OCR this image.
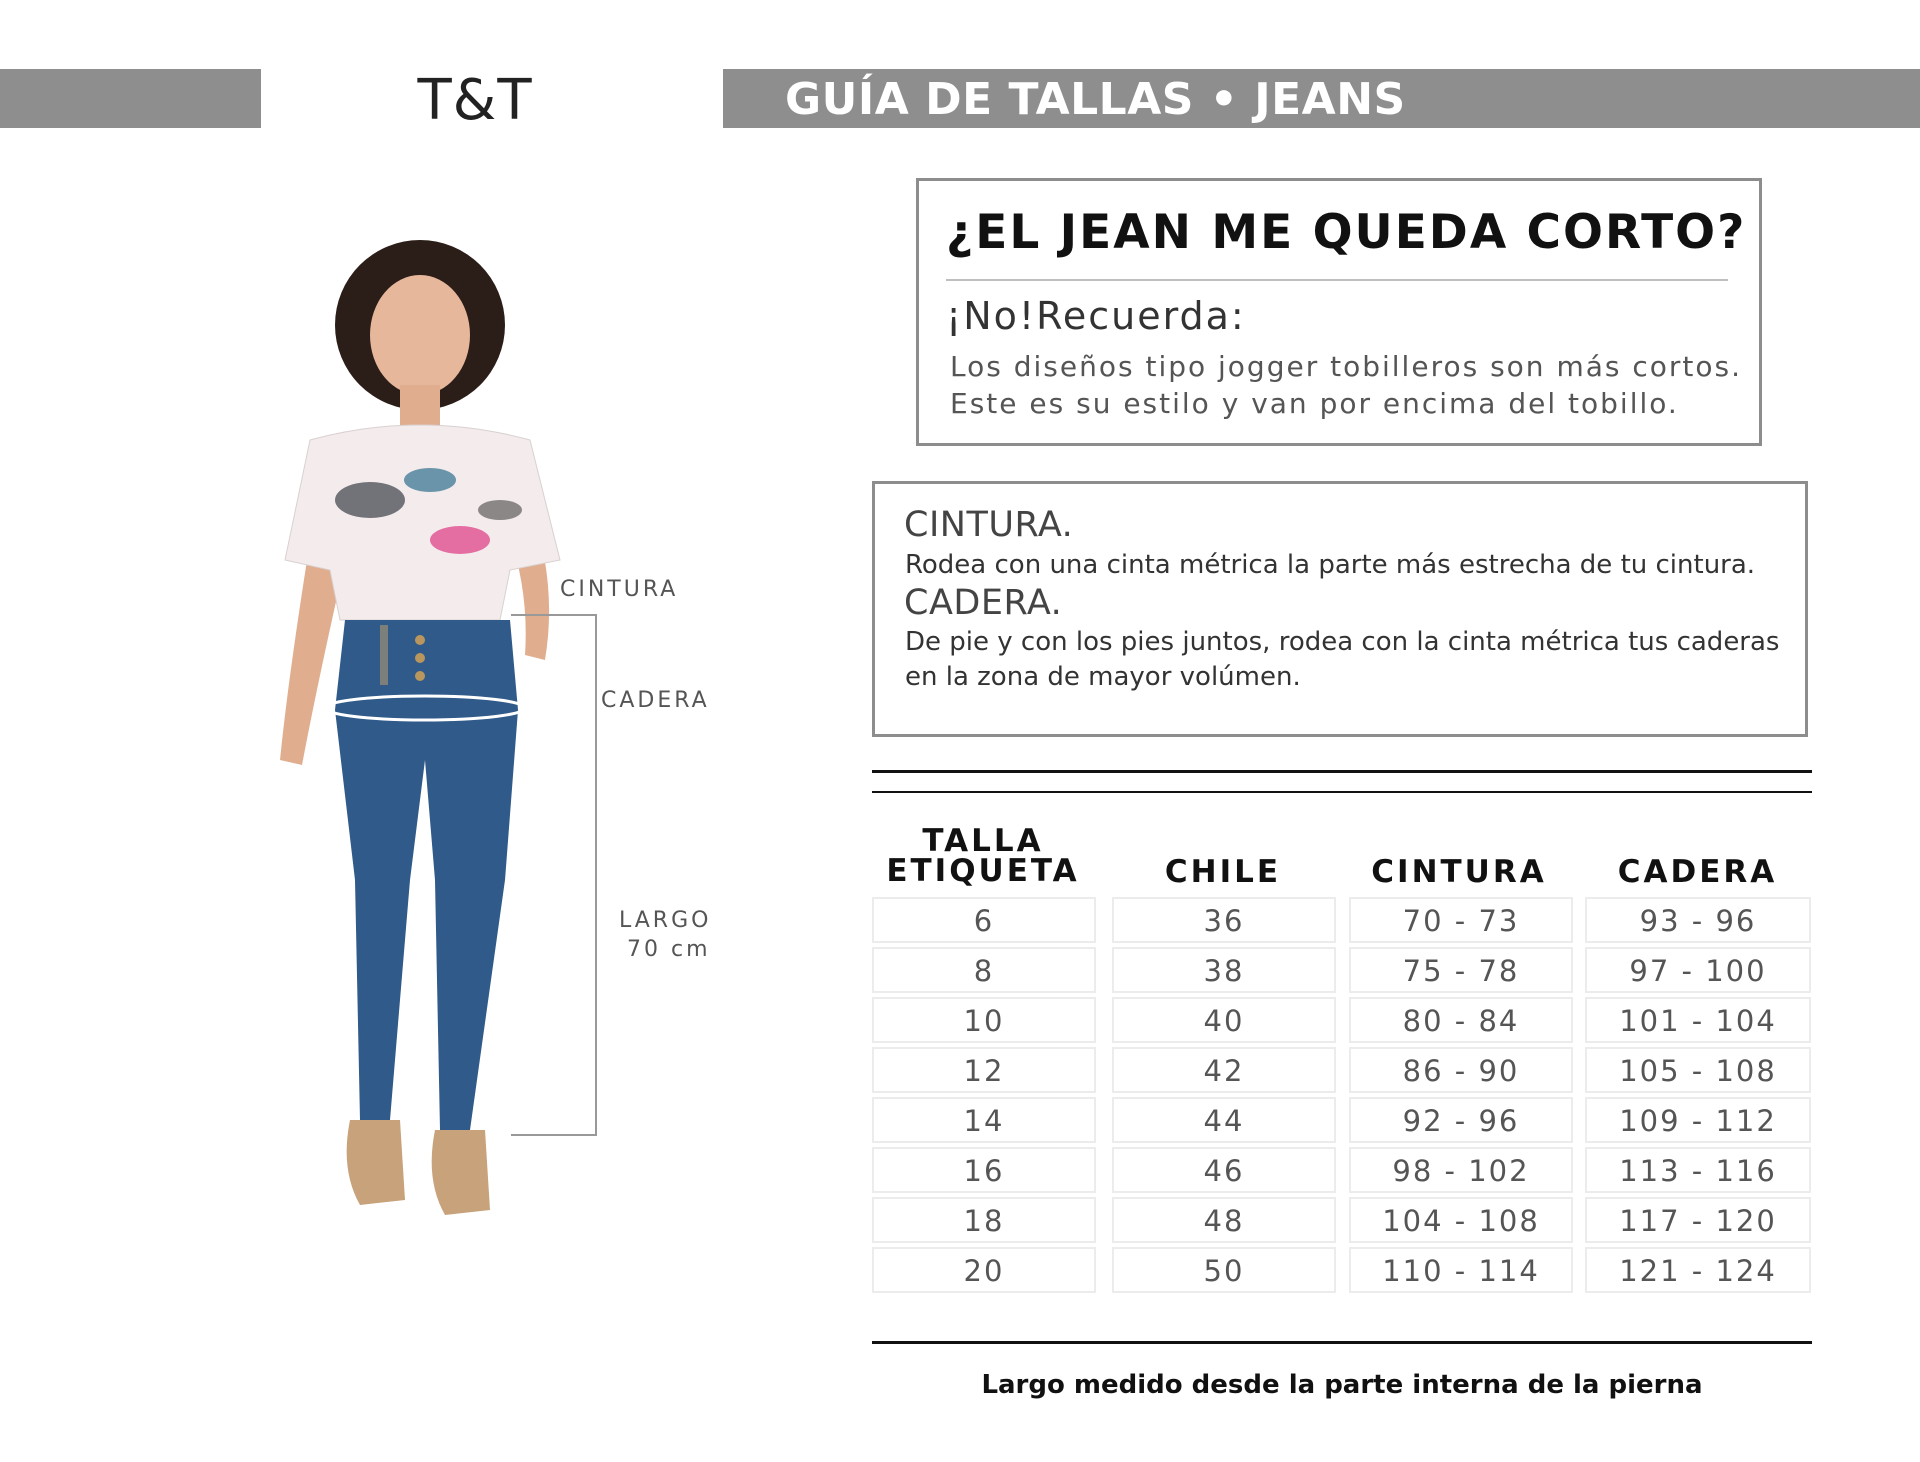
T&T	GUÍA DE TALLAS • JEANS
CINTURA
CADERA
LARGO
70 cm
¿EL JEAN ME QUEDA CORTO?
¡No!Recuerda:
Los diseños tipo jogger tobilleros son más cortos.
Este es su estilo y van por encima del tobillo.
CINTURA.
Rodea con una cinta métrica la parte más estrecha de tu cintura.
CADERA.
De pie y con los pies juntos, rodea con la cinta métrica tus caderas
en la zona de mayor volúmen.
TALLA
ETIQUETA	CHILE	CINTURA	CADERA
6	36	70 - 73	93 - 96
8	38	75 - 78	97 - 100
10	40	80 - 84	101 - 104
12	42	86 - 90	105 - 108
14	44	92 - 96	109 - 112
16	46	98 - 102	113 - 116
18	48	104 - 108	117 - 120
20	50	110 - 114	121 - 124
Largo medido desde la parte interna de la pierna
